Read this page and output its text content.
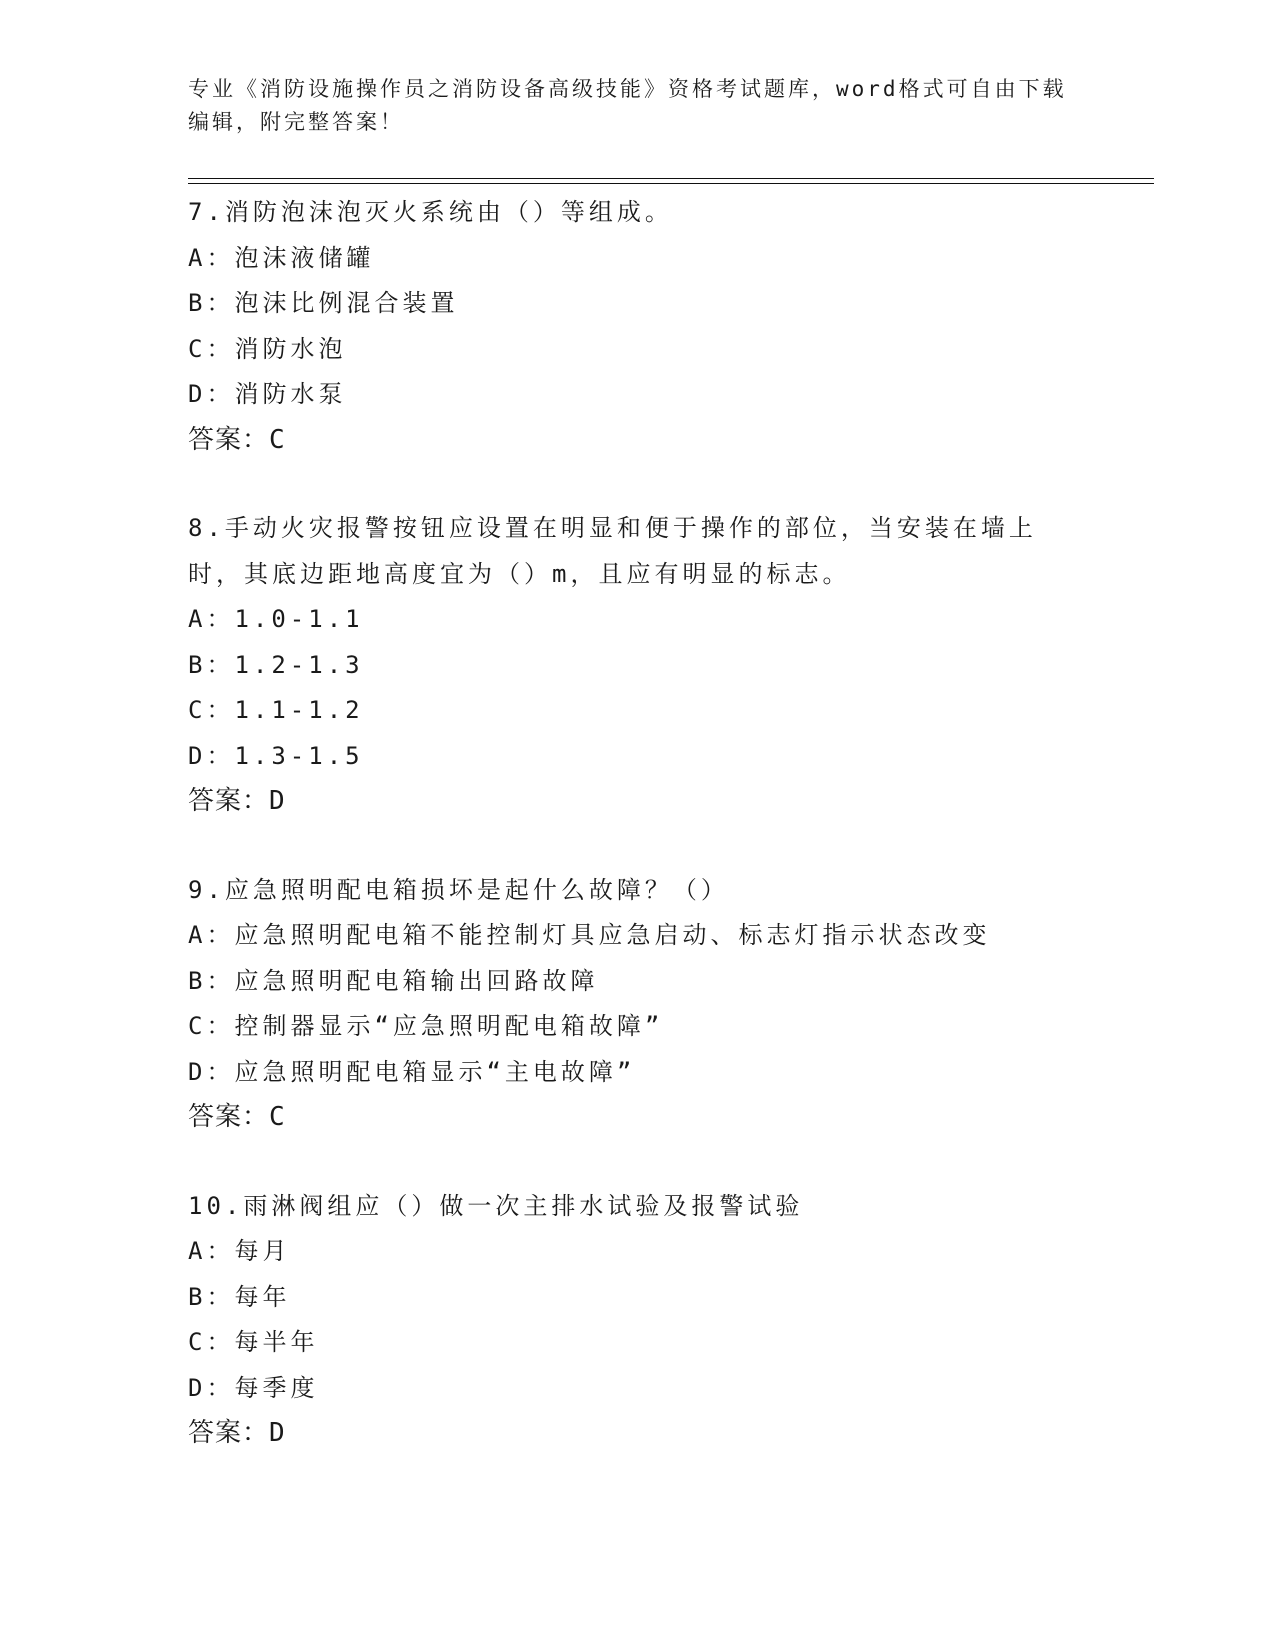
专业《消防设施操作员之消防设备高级技能》资格考试题库，word格式可自由下载编辑，附完整答案！

7.消防泡沫泡灭火系统由（）等组成。

A：泡沫液储罐

B：泡沫比例混合装置

C：消防水泡

D：消防水泵

答案：C

8.手动火灾报警按钮应设置在明显和便于操作的部位，当安装在墙上时，其底边距地高度宜为（）m，且应有明显的标志。

A：1.0-1.1

B：1.2-1.3

C：1.1-1.2

D：1.3-1.5

答案：D

9.应急照明配电箱损坏是起什么故障？（）

A：应急照明配电箱不能控制灯具应急启动、标志灯指示状态改变

B：应急照明配电箱输出回路故障

C：控制器显示“应急照明配电箱故障”

D：应急照明配电箱显示“主电故障”

答案：C

10.雨淋阀组应（）做一次主排水试验及报警试验

A：每月

B：每年

C：每半年

D：每季度

答案：D
